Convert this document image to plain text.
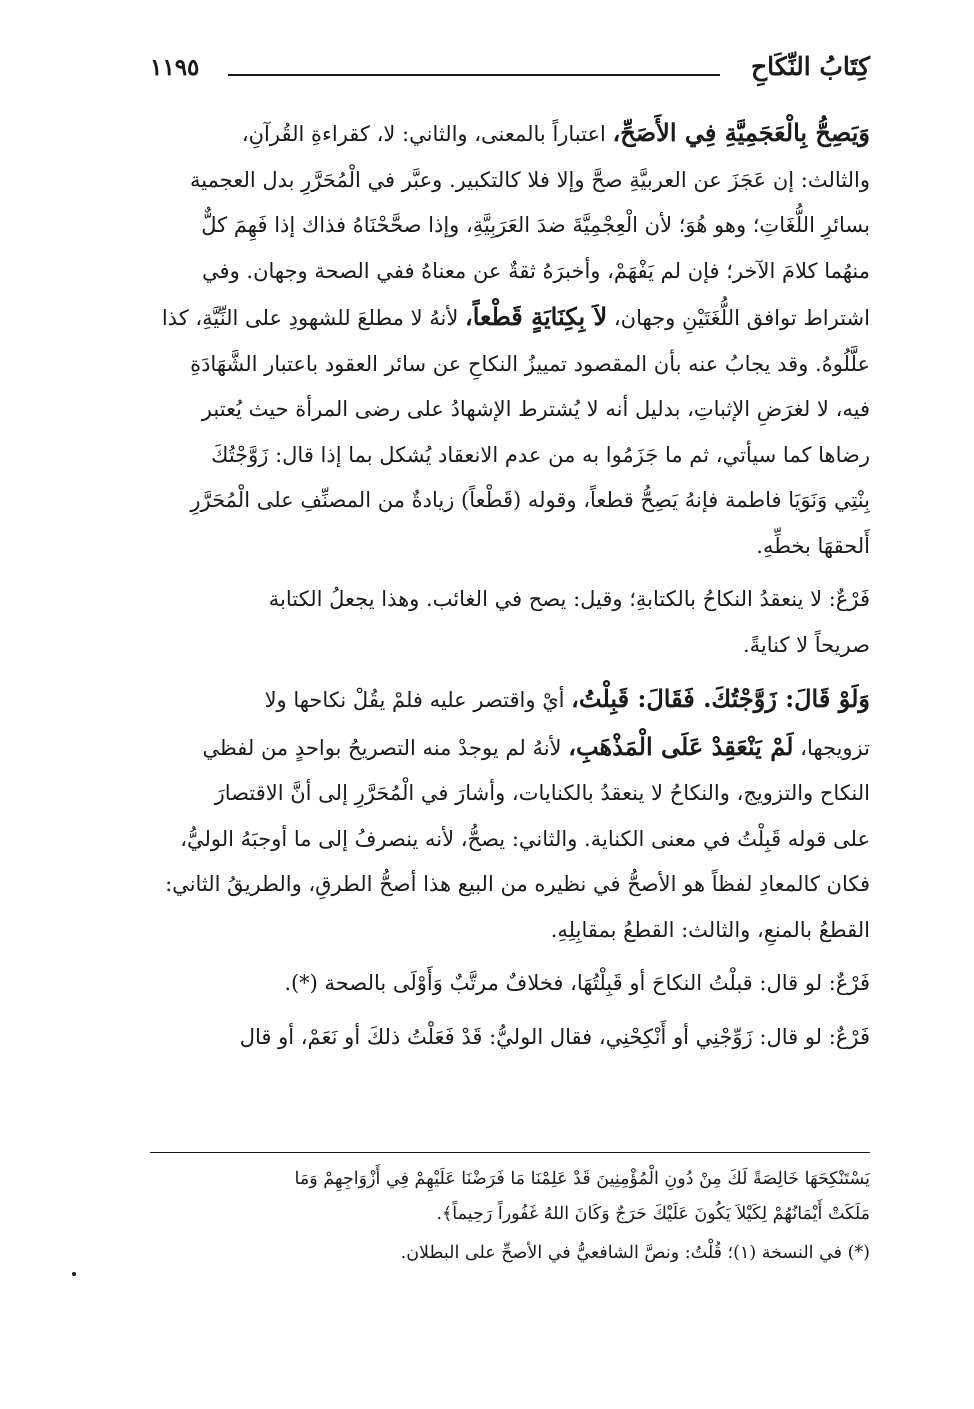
كِتَابُ النِّكَاحِ
١١٩٥
وَيَصِحُّ بِالْعَجَمِيَّةِ فِي الأَصَحِّ، اعتباراً بالمعنى، والثاني: لا، كقراءةِ القُرآنِ،
والثالث: إن عَجَزَ عن العربيَّةِ صحَّ وإلا فلا كالتكبير. وعبَّر في الْمُحَرَّرِ بدل العجمية
بسائرِ اللُّغَاتِ؛ وهو هُوَ؛ لأن الْعِجْمِيَّةَ ضدَ العَرَبِيَّةِ، وإذا صحَّحْنَاهُ فذاك إذا فَهِمَ كلٌّ
منهُما كلامَ الآخر؛ فإن لم يَفْهَمْ، وأخبرَهُ ثقةٌ عن معناهُ ففي الصحة وجهان. وفي
اشتراط توافق اللُّغَتَيْنِ وجهان، لاَ بِكِنَايَةٍ قَطْعاً، لأنهُ لا مطلعَ للشهودِ على النِّيَّةِ، كذا
علَّلُوهُ. وقد يجابُ عنه بأن المقصود تمييزُ النكاحِ عن سائر العقود باعتبار الشَّهَادَةِ
فيه، لا لغرَضِ الإثباتِ، بدليل أنه لا يُشترط الإشهادُ على رضى المرأة حيث يُعتبر
رضاها كما سيأتي، ثم ما جَزَمُوا به من عدم الانعقاد يُشكل بما إذا قال: زَوَّجْتُكَ
بِنْتِي وَنَوَيَا فاطمة فإنهُ يَصِحُّ قطعاً، وقوله (قَطْعاً) زيادةٌ من المصنِّفِ على الْمُحَرَّرِ
أَلحقهَا بخطِّهِ.
فَرْعٌ: لا ينعقدُ النكاحُ بالكتابةِ؛ وقيل: يصح في الغائب. وهذا يجعلُ الكتابة
صريحاً لا كنايةً.
وَلَوْ قَالَ: زَوَّجْتُكَ. فَقَالَ: قَبِلْتُ، أيْ واقتصر عليه فلمْ يقُلْ نكاحها ولا
تزويجها، لَمْ يَنْعَقِدْ عَلَى الْمَذْهَبِ، لأنهُ لم يوجدْ منه التصريحُ بواحدٍ من لفظي
النكاح والتزويج، والنكاحُ لا ينعقدُ بالكنايات، وأشارَ في الْمُحَرَّرِ إلى أنَّ الاقتصارَ
على قوله قَبِلْتُ في معنى الكناية. والثاني: يصحُّ، لأنه ينصرفُ إلى ما أوجبَهُ الوليُّ،
فكان كالمعادِ لفظاً هو الأصحُّ في نظيره من البيع هذا أصحُّ الطرقِ، والطريقُ الثاني:
القطعُ بالمنعِ، والثالث: القطعُ بمقابِلِهِ.
فَرْعٌ: لو قال: قبلْتُ النكاحَ أو قَبِلْتُهَا، فخلافٌ مرتَّبٌ وَأَوْلَى بالصحة (*).
فَرْعٌ: لو قال: زَوِّجْنِي أو أَنْكِحْنِي، فقال الوليُّ: قَدْ فَعَلْتُ ذلكَ أو نَعَمْ، أو قال
يَسْتَنْكِحَهَا خَالِصَةً لَكَ مِنْ دُونِ الْمُؤْمِنِينَ قَدْ عَلِمْنَا مَا فَرَضْنَا عَلَيْهِمْ فِي أَزْوَاجِهِمْ وَمَا
مَلَكَتْ أَيْمَانُهُمْ لِكَيْلاَ يَكُونَ عَلَيْكَ حَرَجٌ وَكَانَ اللهُ غَفُوراً رَحِيماً﴾.
(*) في النسخة (١)؛ قُلْتُ: ونصَّ الشافعيُّ في الأصحِّ على البطلان.
